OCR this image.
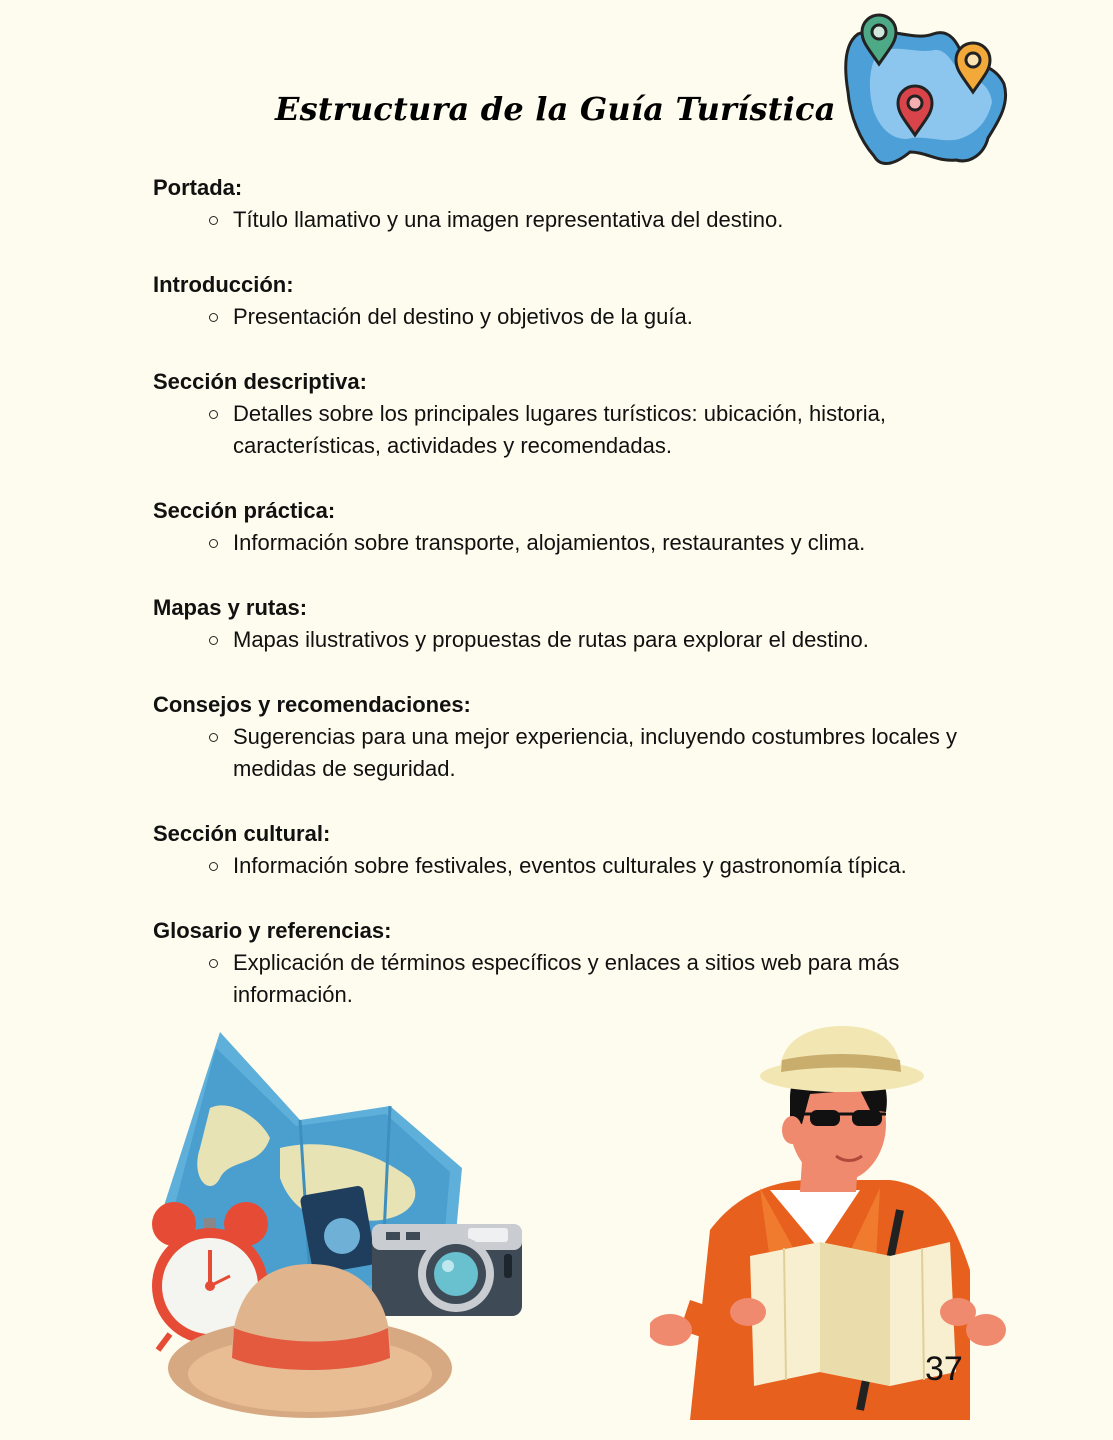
Estructura de la Guía Turística
Portada:
Título llamativo y una imagen representativa del destino.
Introducción:
Presentación del destino y objetivos de la guía.
Sección descriptiva:
Detalles sobre los principales lugares turísticos: ubicación, historia, características, actividades y recomendadas.
Sección práctica:
Información sobre transporte, alojamientos, restaurantes y clima.
Mapas y rutas:
Mapas ilustrativos y propuestas de rutas para explorar el destino.
Consejos y recomendaciones:
Sugerencias para una mejor experiencia, incluyendo costumbres locales y medidas de seguridad.
Sección cultural:
Información sobre festivales, eventos culturales y gastronomía típica.
Glosario y referencias:
Explicación de términos específicos y enlaces a sitios web para más información.
37
